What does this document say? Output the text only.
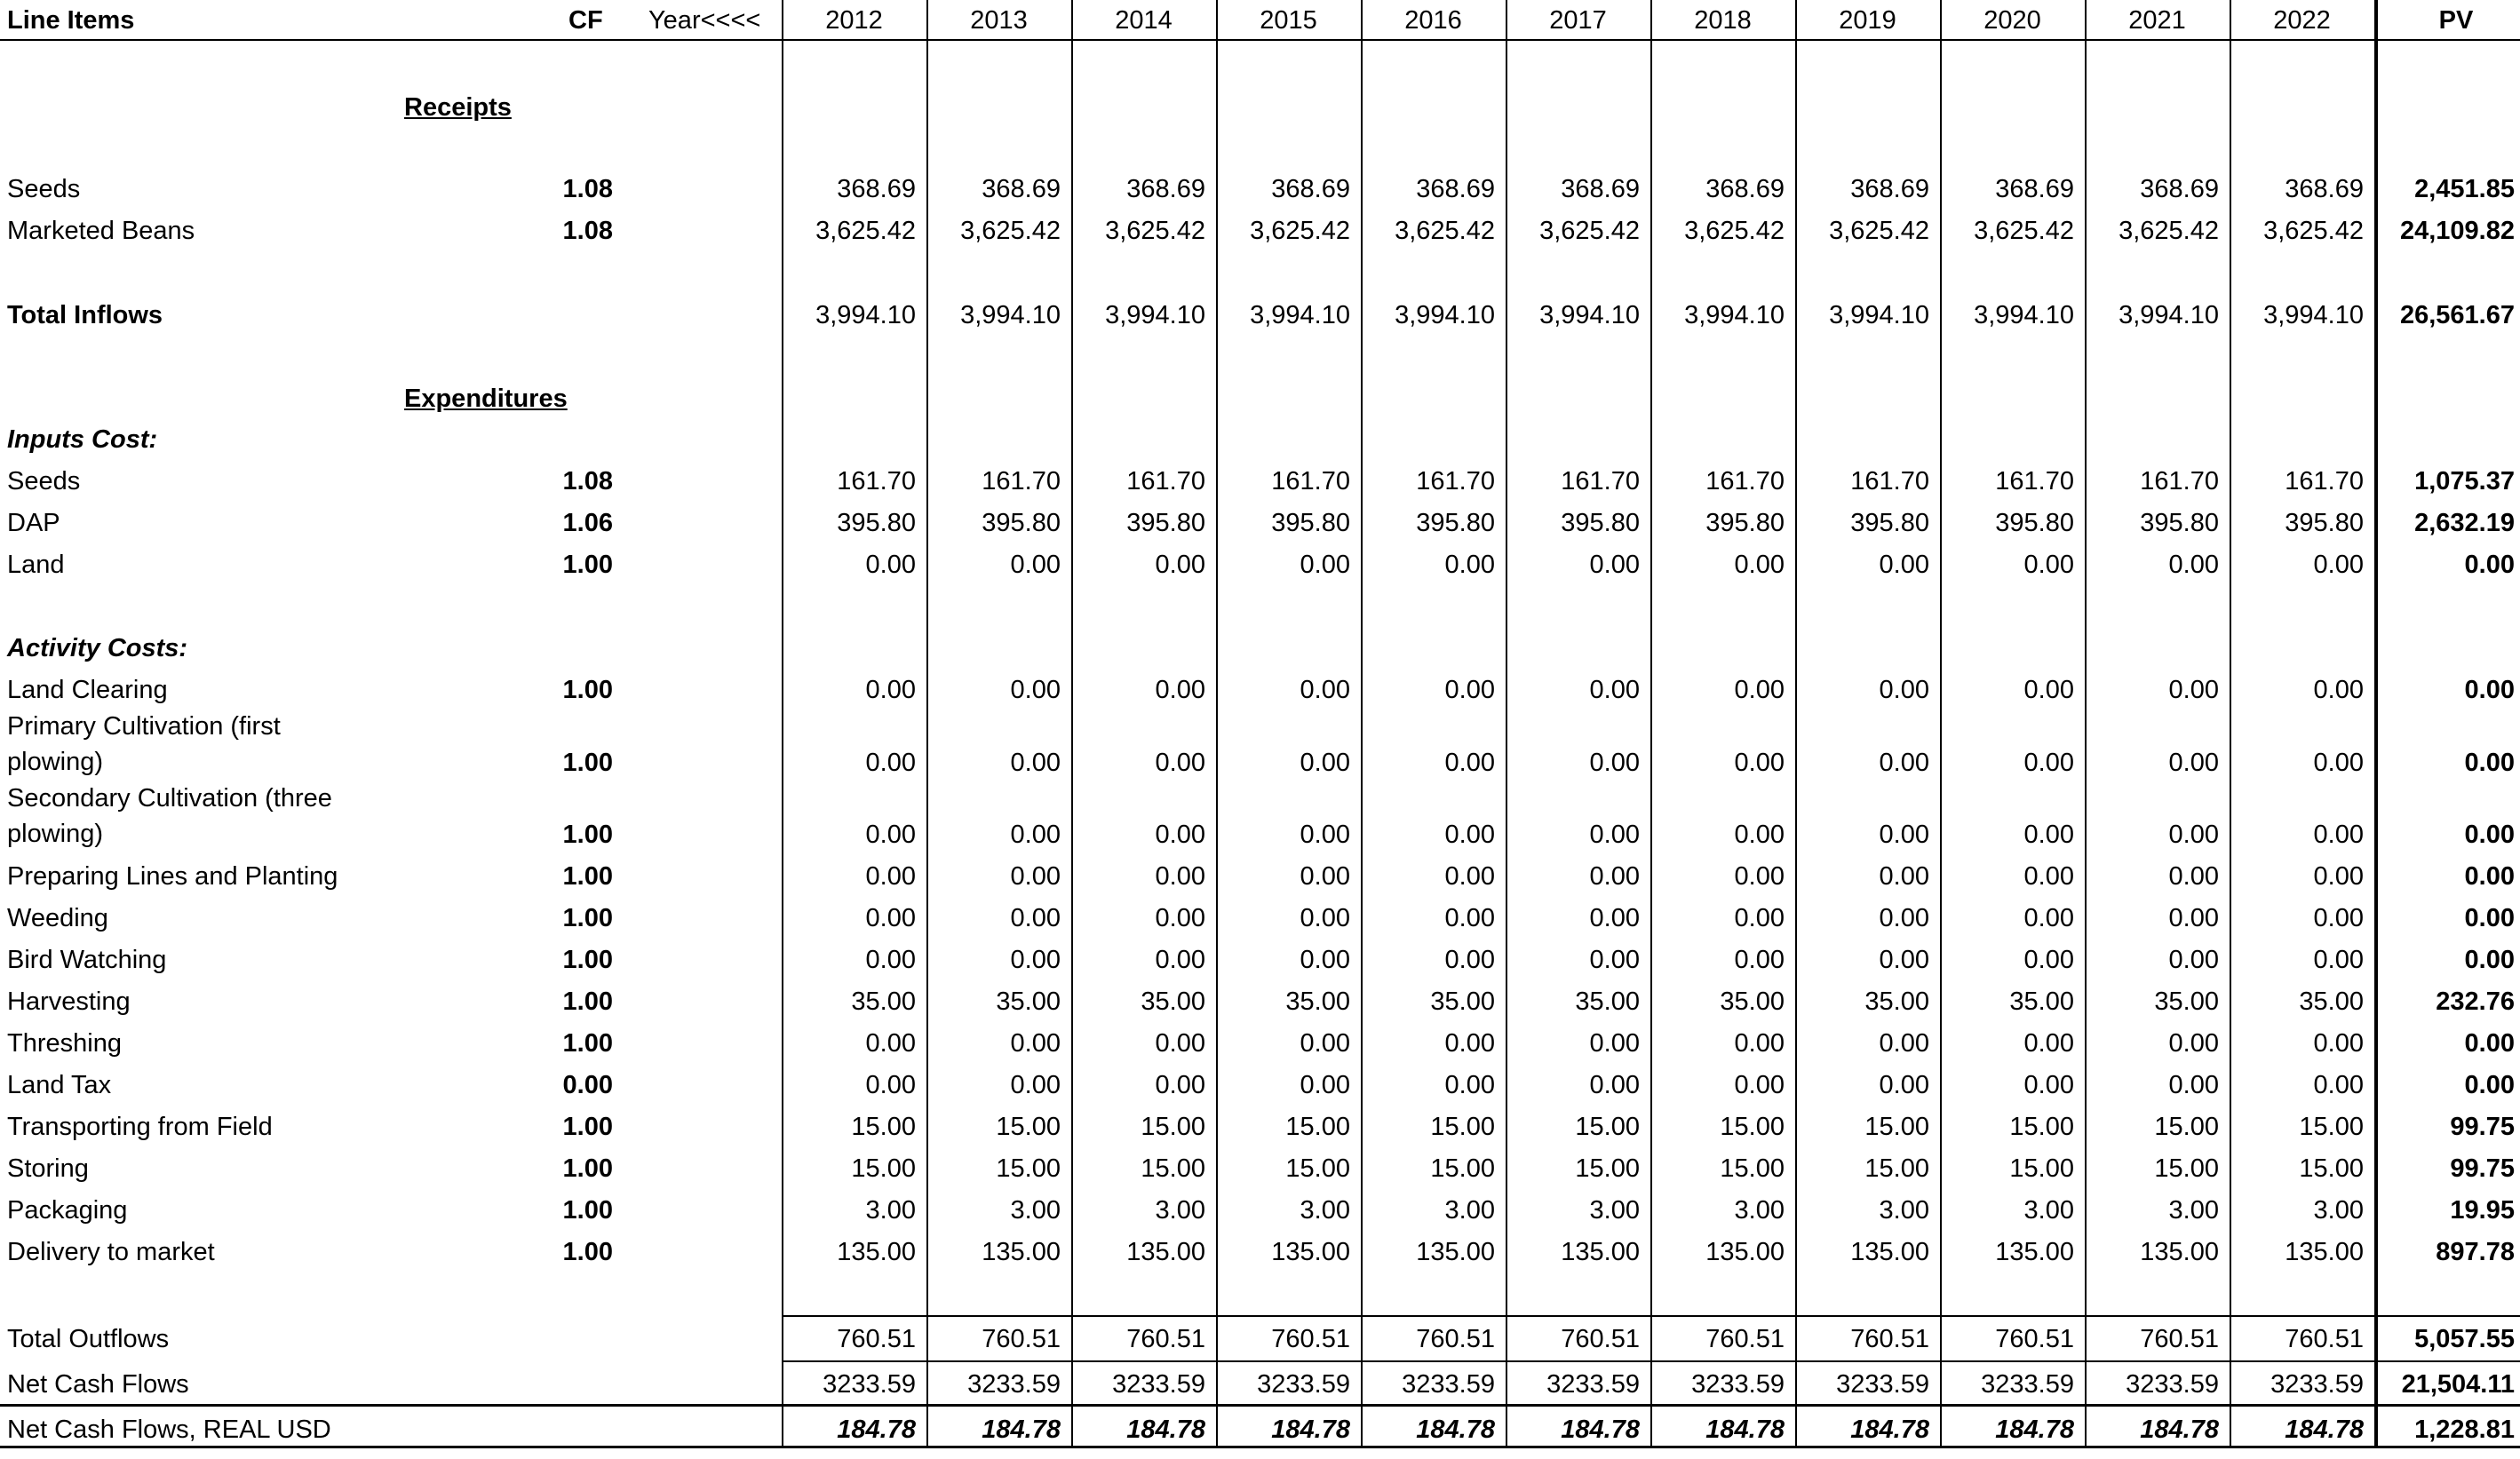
Line Items	CF Year<<<<	2012	2013	2014	2015	2016	2017	2018	2019	2020	2021	2022	PV
Receipts
Expenditures
Inputs Cost:
Activity Costs:
Seeds	1.08	368.69	368.69	368.69	368.69	368.69	368.69	368.69	368.69	368.69	368.69	368.69	2,451.85
Marketed Beans	1.08	3,625.42	3,625.42	3,625.42	3,625.42	3,625.42	3,625.42	3,625.42	3,625.42	3,625.42	3,625.42	3,625.42	24,109.82
Total Inflows	3,994.10	3,994.10	3,994.10	3,994.10	3,994.10	3,994.10	3,994.10	3,994.10	3,994.10	3,994.10	3,994.10	26,561.67
Seeds	1.08	161.70	161.70	161.70	161.70	161.70	161.70	161.70	161.70	161.70	161.70	161.70	1,075.37
DAP	1.06	395.80	395.80	395.80	395.80	395.80	395.80	395.80	395.80	395.80	395.80	395.80	2,632.19
Land	1.00	0.00	0.00	0.00	0.00	0.00	0.00	0.00	0.00	0.00	0.00	0.00	0.00
Land Clearing	1.00	0.00	0.00	0.00	0.00	0.00	0.00	0.00	0.00	0.00	0.00	0.00	0.00
Primary Cultivation (first plowing)	1.00	0.00	0.00	0.00	0.00	0.00	0.00	0.00	0.00	0.00	0.00	0.00	0.00
Secondary Cultivation (three plowing)	1.00	0.00	0.00	0.00	0.00	0.00	0.00	0.00	0.00	0.00	0.00	0.00	0.00
Preparing Lines and Planting	1.00	0.00	0.00	0.00	0.00	0.00	0.00	0.00	0.00	0.00	0.00	0.00	0.00
Weeding	1.00	0.00	0.00	0.00	0.00	0.00	0.00	0.00	0.00	0.00	0.00	0.00	0.00
Bird Watching	1.00	0.00	0.00	0.00	0.00	0.00	0.00	0.00	0.00	0.00	0.00	0.00	0.00
Harvesting	1.00	35.00	35.00	35.00	35.00	35.00	35.00	35.00	35.00	35.00	35.00	35.00	232.76
Threshing	1.00	0.00	0.00	0.00	0.00	0.00	0.00	0.00	0.00	0.00	0.00	0.00	0.00
Land Tax	0.00	0.00	0.00	0.00	0.00	0.00	0.00	0.00	0.00	0.00	0.00	0.00	0.00
Transporting from Field	1.00	15.00	15.00	15.00	15.00	15.00	15.00	15.00	15.00	15.00	15.00	15.00	99.75
Storing	1.00	15.00	15.00	15.00	15.00	15.00	15.00	15.00	15.00	15.00	15.00	15.00	99.75
Packaging	1.00	3.00	3.00	3.00	3.00	3.00	3.00	3.00	3.00	3.00	3.00	3.00	19.95
Delivery to market	1.00	135.00	135.00	135.00	135.00	135.00	135.00	135.00	135.00	135.00	135.00	135.00	897.78
Total Outflows	760.51	760.51	760.51	760.51	760.51	760.51	760.51	760.51	760.51	760.51	760.51	5,057.55
Net Cash Flows	3233.59	3233.59	3233.59	3233.59	3233.59	3233.59	3233.59	3233.59	3233.59	3233.59	3233.59	21,504.11
Net Cash Flows, REAL USD	184.78	184.78	184.78	184.78	184.78	184.78	184.78	184.78	184.78	184.78	184.78	1,228.81
